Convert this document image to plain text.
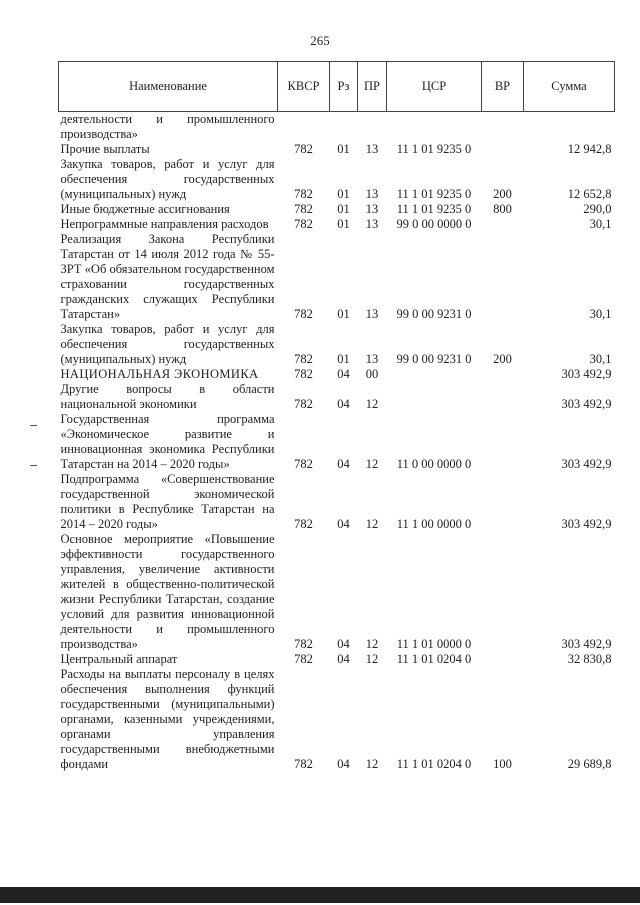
265
Наименование	КВСР	Рз	ПР	ЦСР	ВР	Сумма
деятельности и промышленного производства»						
Прочие выплаты	782	01	13	11 1 01 9235 0		12 942,8
Закупка товаров, работ и услуг для обеспечения государственных (муниципальных) нужд	782	01	13	11 1 01 9235 0	200	12 652,8
Иные бюджетные ассигнования	782	01	13	11 1 01 9235 0	800	290,0
Непрограммные направления расходов	782	01	13	99 0 00 0000 0		30,1
Реализация Закона Республики Татарстан от 14 июля 2012 года № 55-ЗРТ «Об обязательном государственном страховании государственных гражданских служащих Республики Татарстан»	782	01	13	99 0 00 9231 0		30,1
Закупка товаров, работ и услуг для обеспечения государственных (муниципальных) нужд	782	01	13	99 0 00 9231 0	200	30,1
НАЦИОНАЛЬНАЯ ЭКОНОМИКА	782	04	00			303 492,9
Другие вопросы в области национальной экономики	782	04	12			303 492,9
Государственная программа «Экономическое развитие и инновационная экономика Республики Татарстан на 2014 – 2020 годы»	782	04	12	11 0 00 0000 0		303 492,9
Подпрограмма «Совершенствование государственной экономической политики в Республике Татарстан на 2014 – 2020 годы»	782	04	12	11 1 00 0000 0		303 492,9
Основное мероприятие «Повышение эффективности государственного управления, увеличение активности жителей в общественно-политической жизни Республики Татарстан, создание условий для развития инновационной деятельности и промышленного производства»	782	04	12	11 1 01 0000 0		303 492,9
Центральный аппарат	782	04	12	11 1 01 0204 0		32 830,8
Расходы на выплаты персоналу в целях обеспечения выполнения функций государственными (муниципальными) органами, казенными учреждениями, органами управления государственными внебюджетными фондами	782	04	12	11 1 01 0204 0	100	29 689,8
